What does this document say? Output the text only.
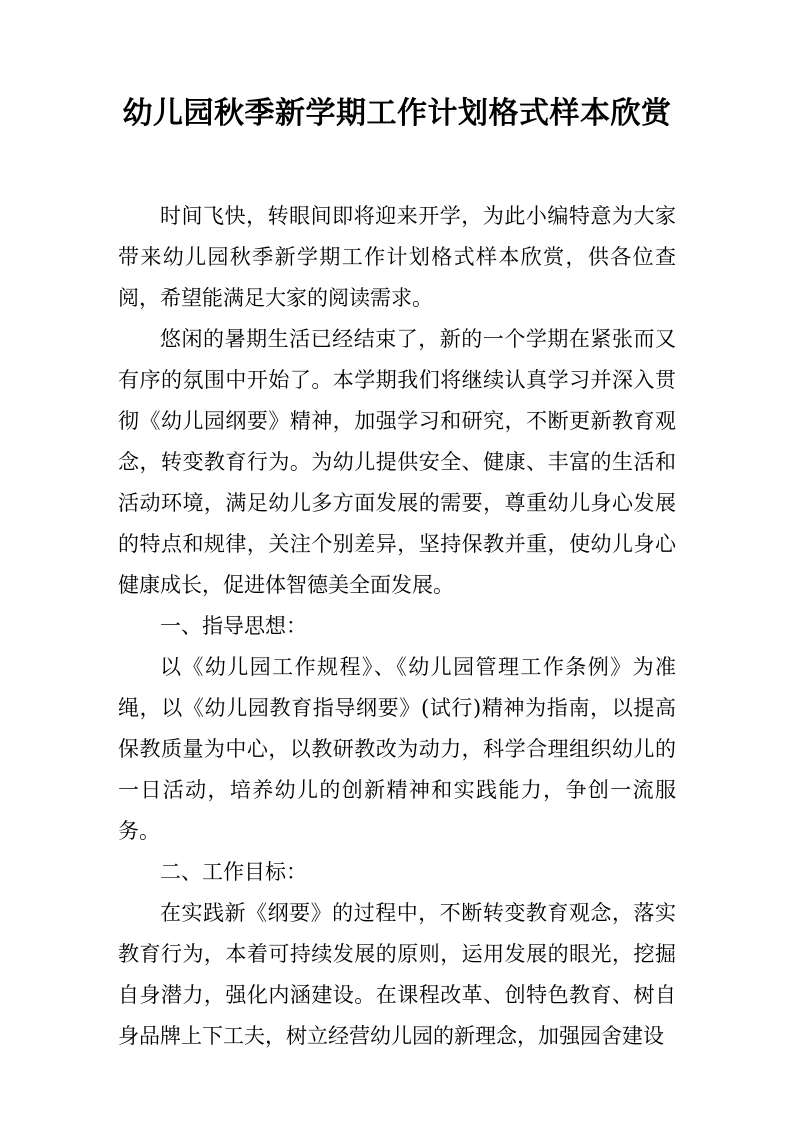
幼儿园秋季新学期工作计划格式样本欣赏

时间飞快，转眼间即将迎来开学，为此小编特意为大家带来幼儿园秋季新学期工作计划格式样本欣赏，供各位查阅，希望能满足大家的阅读需求。

悠闲的暑期生活已经结束了，新的一个学期在紧张而又有序的氛围中开始了。本学期我们将继续认真学习并深入贯彻《幼儿园纲要》精神，加强学习和研究，不断更新教育观念，转变教育行为。为幼儿提供安全、健康、丰富的生活和活动环境，满足幼儿多方面发展的需要，尊重幼儿身心发展的特点和规律，关注个别差异，坚持保教并重，使幼儿身心健康成长，促进体智德美全面发展。

一、指导思想：

以《幼儿园工作规程》、《幼儿园管理工作条例》为准绳，以《幼儿园教育指导纲要》(试行)精神为指南，以提高保教质量为中心，以教研教改为动力，科学合理组织幼儿的一日活动，培养幼儿的创新精神和实践能力，争创一流服务。

二、工作目标：

在实践新《纲要》的过程中，不断转变教育观念，落实教育行为，本着可持续发展的原则，运用发展的眼光，挖掘自身潜力，强化内涵建设。在课程改革、创特色教育、树自身品牌上下工夫，树立经营幼儿园的新理念，加强园舍建设
